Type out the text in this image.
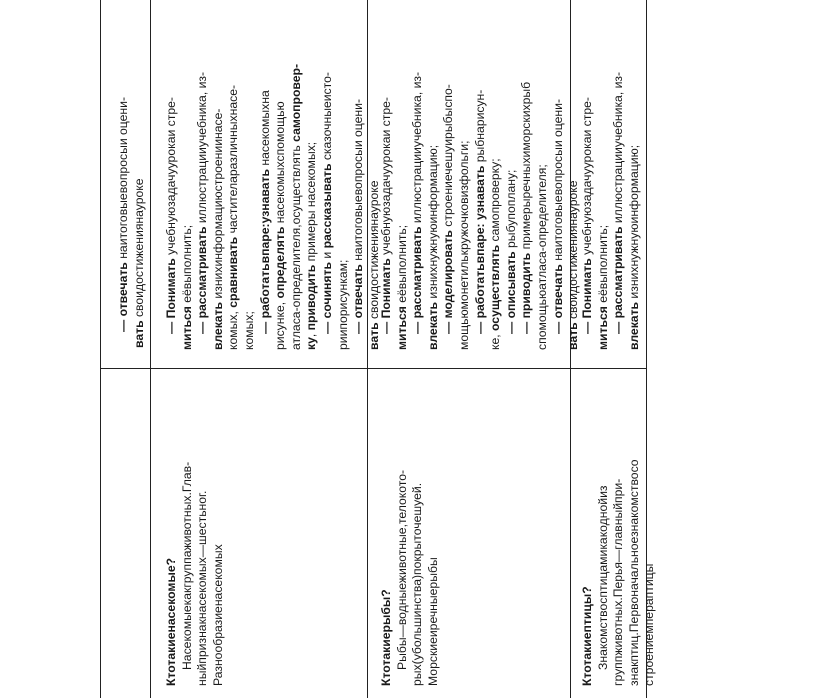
— отвечать наитоговыевопросыи оцени-

вать своидостижениянауроке — Понимать учебнуюзадачуурокаи стре-

миться еёвыполнить; — рассматривать иллюстрацииучебника, из-

влекать изнихинформациюстроениинасе-

комых, сравнивать частителаразличныхнасе-

комых; — работатьвпаре:узнавать насекомыхна

рисунке, определять насекомыхспомощью атласа-определителя,осуществлять самопровер-

ку, приводить примеры насекомых;

— сочинять и рассказывать сказочныеисто-

риипорисункам; — отвечать наитоговыевопросыи оцени-

вать своидостижениянауроке

Ктотакиенасекомые? Насекомыекакгруппаживотных.Глав- ныйпризнакнасекомых—шестьног. Разнообразиенасекомых

— Понимать учебнуюзадачуурокаи стре-

миться еёвыполнить; — рассматривать иллюстрацииучебника, из-

влекать изнихнужнуюинформацию; — моделировать строениечешуирыбыспо- мощьюмонетилькружочковизфольги; — работатьвпаре: узнавать рыбнарисун-

ке, осуществлять самопроверку;

— описывать рыбупоплану;

— приводить примерыречныхиморскихрыб спомощьюатласа-определителя; — отвечать наитоговыевопросыи оцени-

вать своидостижениянауроке

Ктотакиерыбы? Рыбы—водныеживотные,телокото- рых(убольшинства)покрыточешуей. Морскиеиречныерыбы

— Понимать учебнуюзадачуурокаи стре-

миться еёвыполнить; — рассматривать иллюстрацииучебника, из-

влекать изнихнужнуюинформацию;

Ктотакиептицы? Знакомствосптицамикакоднойиз группживотных.Перья—главныйпри- знакптиц.Первоначальноезнакомствосо строениемпераптицы
